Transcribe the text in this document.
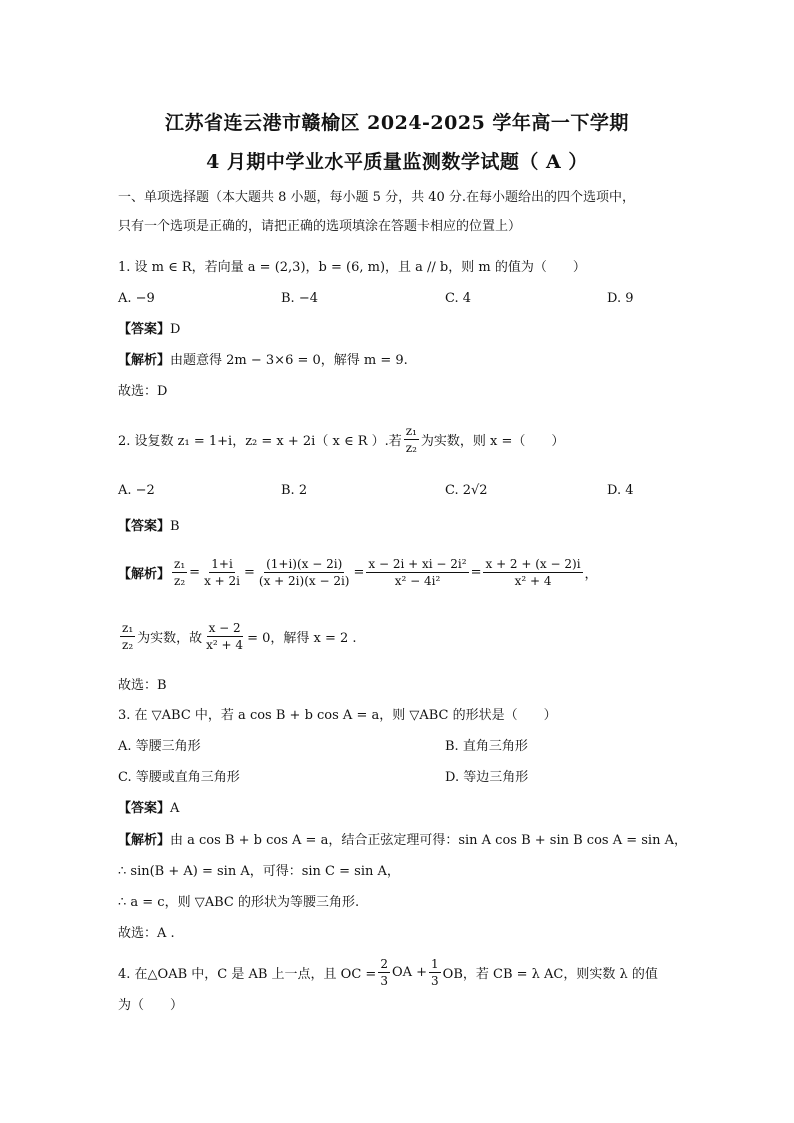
江苏省连云港市赣榆区 2024-2025 学年高一下学期
4 月期中学业水平质量监测数学试题（ A ）
一、单项选择题（本大题共 8 小题，每小题 5 分，共 40 分.在每小题给出的四个选项中，
只有一个选项是正确的，请把正确的选项填涂在答题卡相应的位置上）
1. 设 m ∈ R，若向量 a = (2,3)，b = (6, m)，且 a // b，则 m 的值为（　　）
A. −9	B. −4	C. 4	D. 9
【答案】D
【解析】由题意得 2m − 3×6 = 0，解得 m = 9.
故选：D
2. 设复数 z₁ = 1+i，z₂ = x + 2i（ x ∈ R ）.若 $\frac{\text{z₁}}{\text{z₂}}$ 为实数，则 x =（　　）
A. −2	B. 2	C. 2√2	D. 4
【答案】B
【解析】 $\frac{\text{z₁}}{\text{z₂}} = \frac{1+i}{x + 2i} = \frac{(1+i)(x - 2i)}{(x + 2i)(x - 2i)} = \frac{\text{x − 2i + xi − 2i²}}{\text{x² − 4i²}} = \frac{x + 2 + (x - 2)i}{\text{x² + 4}}$ ，
$\frac{\text{z₁}}{\text{z₂}}$ 为实数，故 $\frac{x - 2}{\text{x² + 4}} = 0$，解得 x = 2 .
故选：B
3. 在 ▽ABC 中，若 a cos B + b cos A = a，则 ▽ABC 的形状是（　　）
A. 等腰三角形	B. 直角三角形
C. 等腰或直角三角形	D. 等边三角形
【答案】A
【解析】由 a cos B + b cos A = a，结合正弦定理可得：sin A cos B + sin B cos A = sin A，
∴ sin(B + A) = sin A，可得：sin C = sin A，
∴ a = c，则 ▽ABC 的形状为等腰三角形.
故选：A .
4. 在△OAB 中，C 是 AB 上一点，且 OC = $\frac{2}{3}$ OA + $\frac{1}{3}$ OB，若 CB = λ AC，则实数 λ 的值
为（　　）
